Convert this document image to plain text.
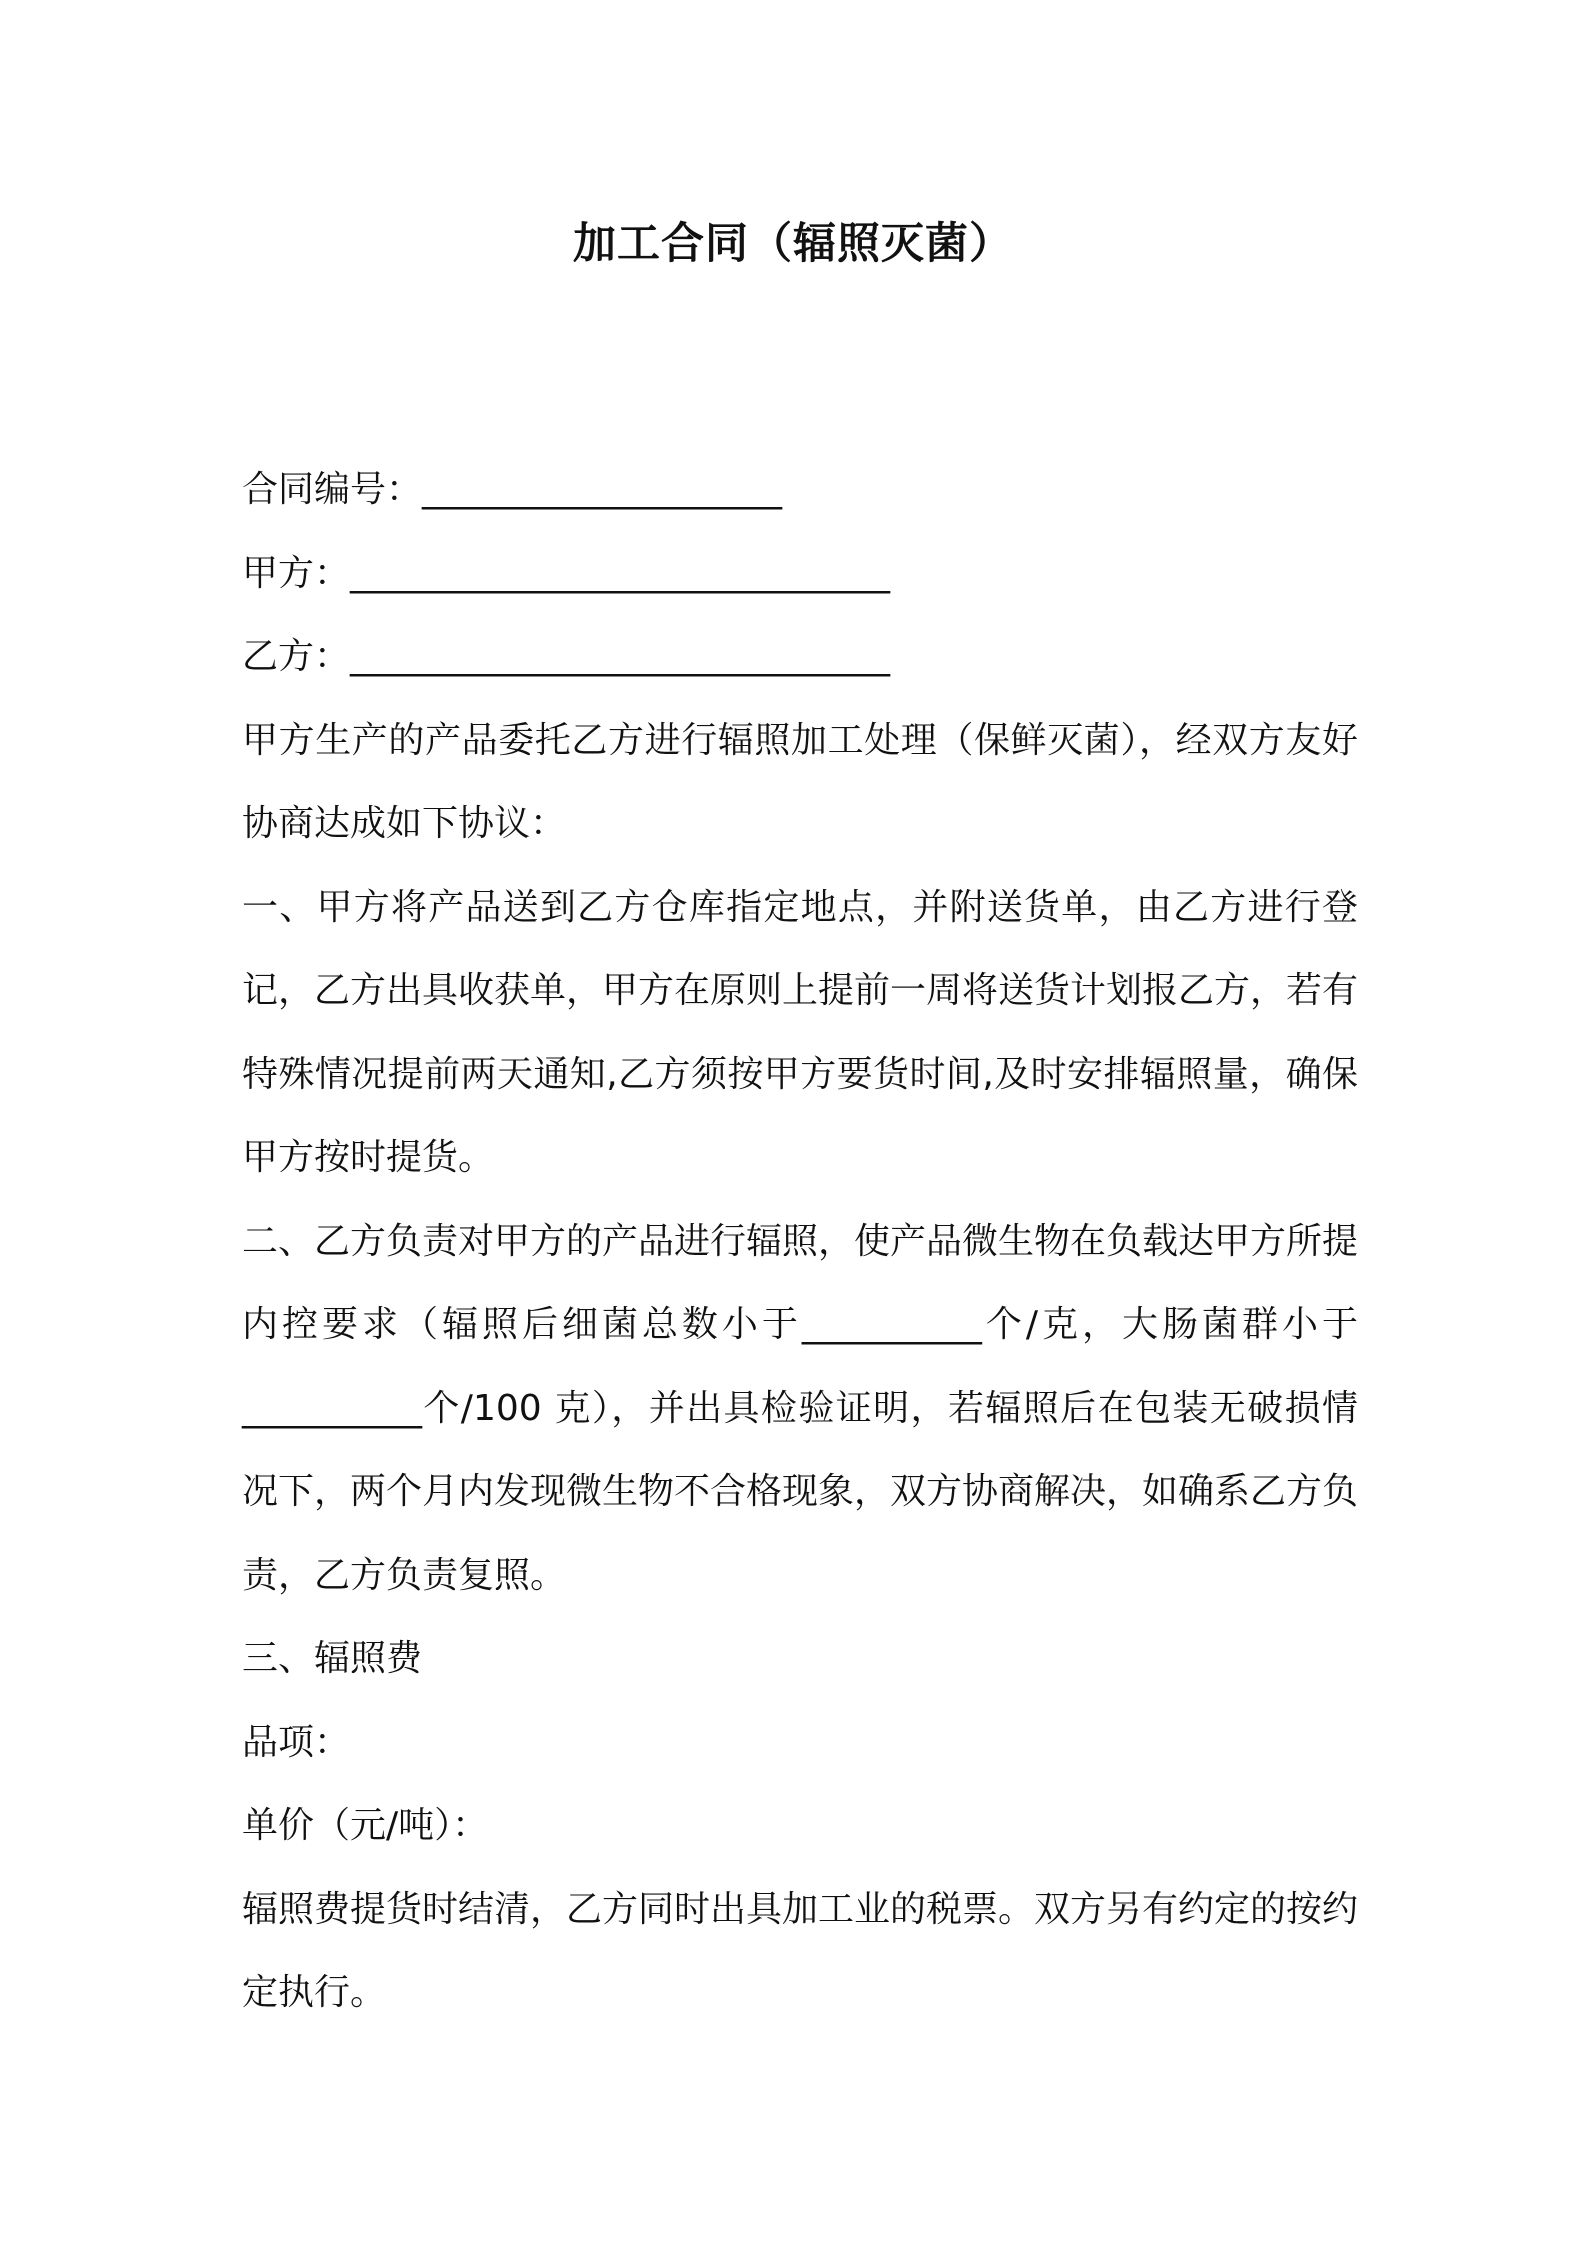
加工合同（辐照灭菌）
合同编号：____________________
甲方：______________________________
乙方：______________________________

甲方生产的产品委托乙方进行辐照加工处理（保鲜灭菌），经双方友好协商达成如下协议：

一、甲方将产品送到乙方仓库指定地点，并附送货单，由乙方进行登记，乙方出具收获单，甲方在原则上提前一周将送货计划报乙方，若有特殊情况提前两天通知,乙方须按甲方要货时间,及时安排辐照量，确保甲方按时提货。

二、乙方负责对甲方的产品进行辐照，使产品微生物在负载达甲方所提内控要求（辐照后细菌总数小于__________个/克，大肠菌群小于__________个/100 克），并出具检验证明，若辐照后在包装无破损情况下，两个月内发现微生物不合格现象，双方协商解决，如确系乙方负责，乙方负责复照。

三、辐照费
品项：
单价（元/吨）：

辐照费提货时结清，乙方同时出具加工业的税票。双方另有约定的按约定执行。
